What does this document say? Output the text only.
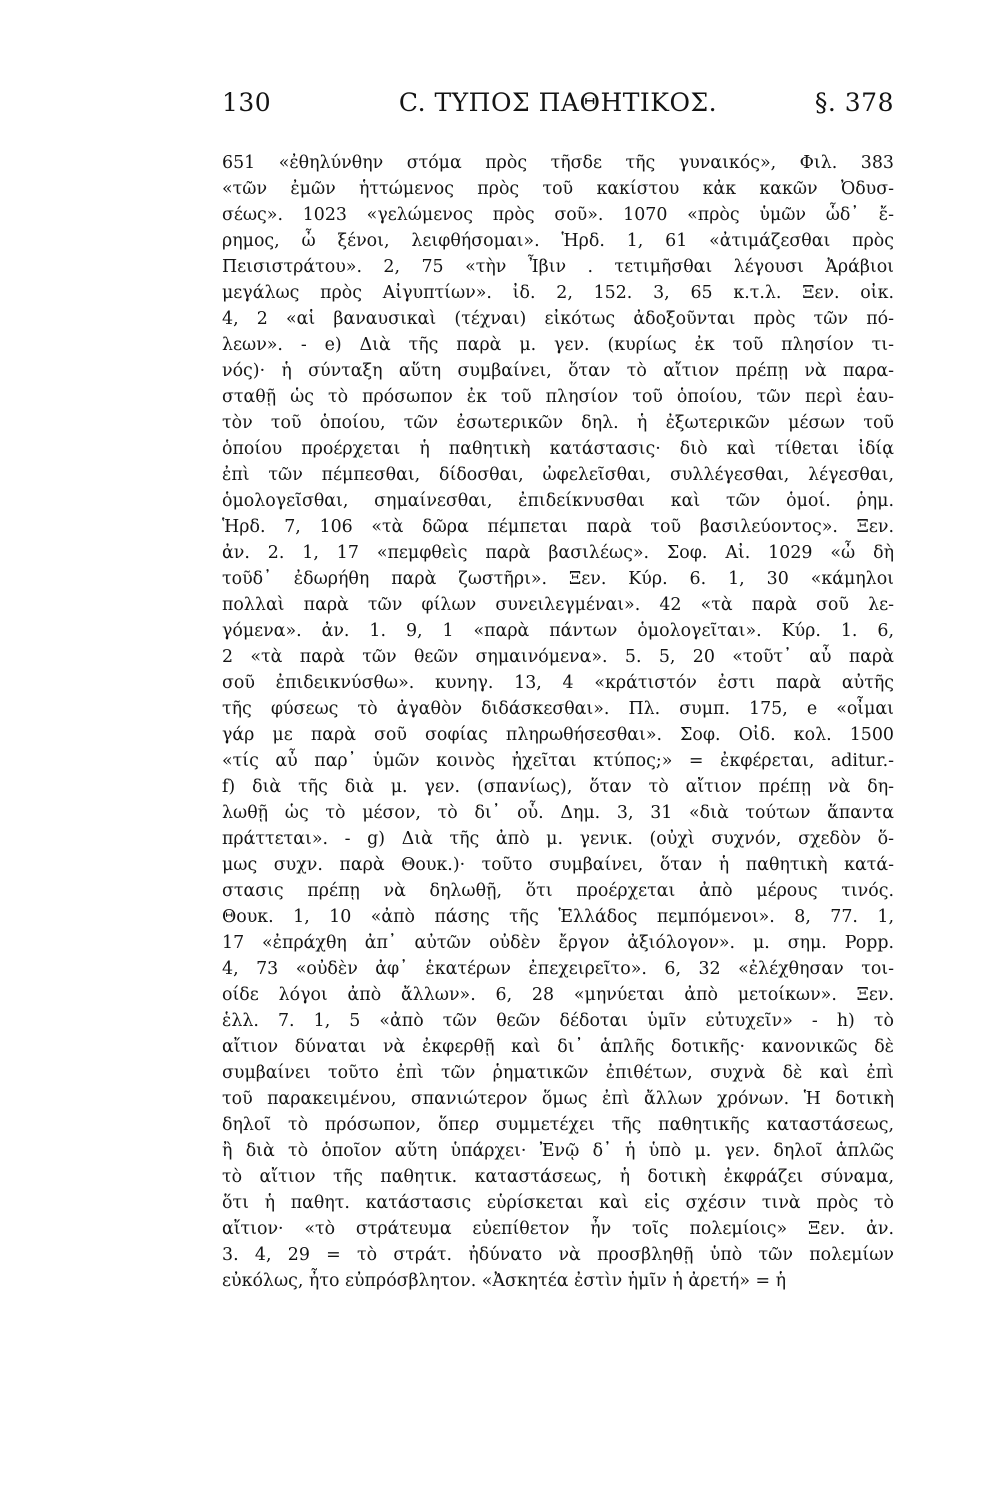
130	C. ΤΥΠΟΣ ΠΑΘΗΤΙΚΟΣ.	§. 378
651 «ἐθηλύνθην στόμα πρὸς τῆσδε τῆς γυναικός», Φιλ. 383
«τῶν ἐμῶν ἡττώμενος πρὸς τοῦ κακίστου κἀκ κακῶν Ὀδυσ-
σέως». 1023 «γελώμενος πρὸς σοῦ». 1070 «πρὸς ὑμῶν ὧδ᾽ ἔ-
ρημος, ὦ ξένοι, λειφθήσομαι». Ἡρδ. 1, 61 «ἀτιμάζεσθαι πρὸς
Πεισιστράτου». 2, 75 «τὴν Ἶβιν . τετιμῆσθαι λέγουσι Ἀράβιοι
μεγάλως πρὸς Αἰγυπτίων». ἰδ. 2, 152. 3, 65 κ.τ.λ. Ξεν. οἰκ.
4, 2 «αἱ βαναυσικαὶ (τέχναι) εἰκότως ἀδοξοῦνται πρὸς τῶν πό-
λεων». - e) Διὰ τῆς παρὰ μ. γεν. (κυρίως ἐκ τοῦ πλησίον τι-
νός)· ἡ σύνταξη αὕτη συμβαίνει, ὅταν τὸ αἴτιον πρέπῃ νὰ παρα-
σταθῇ ὡς τὸ πρόσωπον ἐκ τοῦ πλησίον τοῦ ὁποίου, τῶν περὶ ἑαυ-
τὸν τοῦ ὁποίου, τῶν ἐσωτερικῶν δηλ. ἡ ἐξωτερικῶν μέσων τοῦ
ὁποίου προέρχεται ἡ παθητικὴ κατάστασις· διὸ καὶ τίθεται ἰδίᾳ
ἐπὶ τῶν πέμπεσθαι, δίδοσθαι, ὠφελεῖσθαι, συλλέγεσθαι, λέγεσθαι,
ὁμολογεῖσθαι, σημαίνεσθαι, ἐπιδείκνυσθαι καὶ τῶν ὁμοί. ῥημ.
Ἡρδ. 7, 106 «τὰ δῶρα πέμπεται παρὰ τοῦ βασιλεύοντος». Ξεν.
ἀν. 2. 1, 17 «πεμφθεὶς παρὰ βασιλέως». Σοφ. Αἰ. 1029 «ὦ δὴ
τοῦδ᾽ ἐδωρήθη παρὰ ζωστῆρι». Ξεν. Κύρ. 6. 1, 30 «κάμηλοι
πολλαὶ παρὰ τῶν φίλων συνειλεγμέναι». 42 «τὰ παρὰ σοῦ λε-
γόμενα». ἀν. 1. 9, 1 «παρὰ πάντων ὁμολογεῖται». Κύρ. 1. 6,
2 «τὰ παρὰ τῶν θεῶν σημαινόμενα». 5. 5, 20 «τοῦτ᾽ αὖ παρὰ
σοῦ ἐπιδεικνύσθω». κυνηγ. 13, 4 «κράτιστόν ἐστι παρὰ αὐτῆς
τῆς φύσεως τὸ ἀγαθὸν διδάσκεσθαι». Πλ. συμπ. 175, e «οἶμαι
γάρ με παρὰ σοῦ σοφίας πληρωθήσεσθαι». Σοφ. Οἰδ. κολ. 1500
«τίς αὖ παρ᾽ ὑμῶν κοινὸς ἠχεῖται κτύπος;» = ἐκφέρεται, aditur.-
f) διὰ τῆς διὰ μ. γεν. (σπανίως), ὅταν τὸ αἴτιον πρέπῃ νὰ δη-
λωθῇ ὡς τὸ μέσον, τὸ δι᾽ οὗ. Δημ. 3, 31 «διὰ τούτων ἅπαντα
πράττεται». - g) Διὰ τῆς ἀπὸ μ. γενικ. (οὐχὶ συχνόν, σχεδὸν ὅ-
μως συχν. παρὰ Θουκ.)· τοῦτο συμβαίνει, ὅταν ἡ παθητικὴ κατά-
στασις πρέπῃ νὰ δηλωθῇ, ὅτι προέρχεται ἀπὸ μέρους τινός.
Θουκ. 1, 10 «ἀπὸ πάσης τῆς Ἑλλάδος πεμπόμενοι». 8, 77. 1,
17 «ἐπράχθη ἀπ᾽ αὐτῶν οὐδὲν ἔργον ἀξιόλογον». μ. σημ. Popp.
4, 73 «οὐδὲν ἀφ᾽ ἑκατέρων ἐπεχειρεῖτο». 6, 32 «ἐλέχθησαν τοι-
οίδε λόγοι ἀπὸ ἄλλων». 6, 28 «μηνύεται ἀπὸ μετοίκων». Ξεν.
ἑλλ. 7. 1, 5 «ἀπὸ τῶν θεῶν δέδοται ὑμῖν εὐτυχεῖν» - h) τὸ
αἴτιον δύναται νὰ ἐκφερθῇ καὶ δι᾽ ἁπλῆς δοτικῆς· κανονικῶς δὲ
συμβαίνει τοῦτο ἐπὶ τῶν ῥηματικῶν ἐπιθέτων, συχνὰ δὲ καὶ ἐπὶ
τοῦ παρακειμένου, σπανιώτερον ὅμως ἐπὶ ἄλλων χρόνων. Ἡ δοτικὴ
δηλοῖ τὸ πρόσωπον, ὅπερ συμμετέχει τῆς παθητικῆς καταστάσεως,
ἢ διὰ τὸ ὁποῖον αὕτη ὑπάρχει· Ἐνῷ δ᾽ ἡ ὑπὸ μ. γεν. δηλοῖ ἁπλῶς
τὸ αἴτιον τῆς παθητικ. καταστάσεως, ἡ δοτικὴ ἐκφράζει σύναμα,
ὅτι ἡ παθητ. κατάστασις εὑρίσκεται καὶ εἰς σχέσιν τινὰ πρὸς τὸ
αἴτιον· «τὸ στράτευμα εὐεπίθετον ἦν τοῖς πολεμίοις» Ξεν. ἀν.
3. 4, 29 = τὸ στράτ. ἠδύνατο νὰ προσβληθῇ ὑπὸ τῶν πολεμίων
εὐκόλως, ἦτο εὐπρόσβλητον. «Ἀσκητέα ἐστὶν ἡμῖν ἡ ἀρετή» = ἡ
